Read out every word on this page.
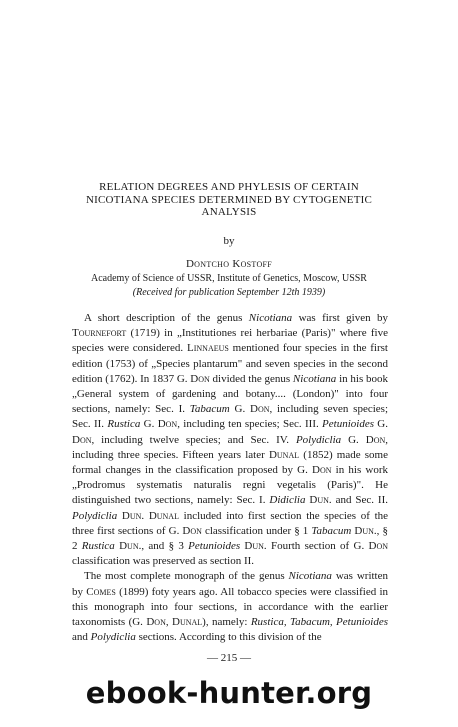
RELATION DEGREES AND PHYLESIS OF CERTAIN
NICOTIANA SPECIES DETERMINED BY CYTOGENETIC
ANALYSIS
by
Dontcho Kostoff
Academy of Science of USSR, Institute of Genetics, Moscow, USSR
(Received for publication September 12th 1939)

A short description of the genus Nicotiana was first given by Tournefort (1719) in „Institutiones rei herbariae (Paris)" where five species were considered. Linnaeus mentioned four species in the first edition (1753) of „Species plantarum" and seven species in the second edition (1762). In 1837 G. Don divided the genus Nicotiana in his book „General system of gardening and botany.... (London)" into four sections, namely: Sec. I. Tabacum G. Don, including seven species; Sec. II. Rustica G. Don, including ten species; Sec. III. Petunioides G. Don, including twelve species; and Sec. IV. Polydiclia G. Don, including three species. Fifteen years later Dunal (1852) made some formal changes in the classification proposed by G. Don in his work „Prodromus systematis naturalis regni vegetalis (Paris)". He distinguished two sections, namely: Sec. I. Didiclia Dun. and Sec. II. Polydiclia Dun. Dunal included into first section the species of the three first sections of G. Don classification under § 1 Tabacum Dun., § 2 Rustica Dun., and § 3 Petunioides Dun. Fourth section of G. Don classification was preserved as section II.

The most complete monograph of the genus Nicotiana was written by Comes (1899) foty years ago. All tobacco species were classified in this monograph into four sections, in accordance with the earlier taxonomists (G. Don, Dunal), namely: Rustica, Tabacum, Petunioides and Polydiclia sections. According to this division of the

— 215 —
ebook-hunter.org
